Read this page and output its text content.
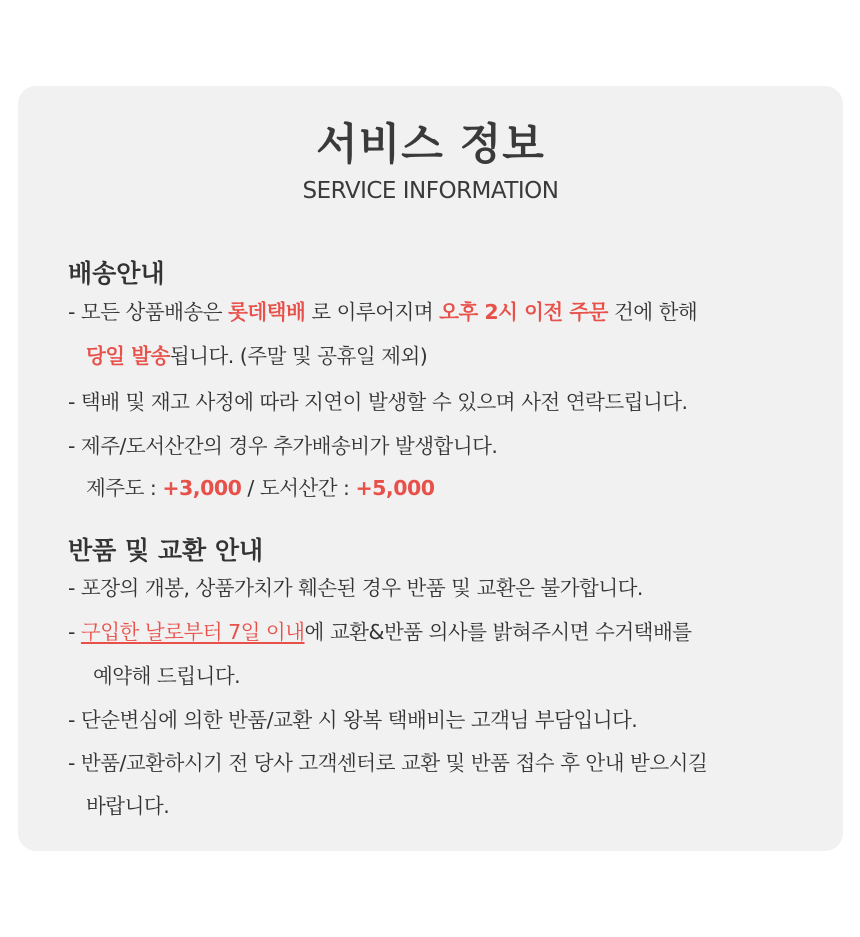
서비스 정보
SERVICE INFORMATION
배송안내
- 모든 상품배송은 롯데택배 로 이루어지며 오후 2시 이전 주문 건에 한해
당일 발송됩니다. (주말 및 공휴일 제외)
- 택배 및 재고 사정에 따라 지연이 발생할 수 있으며 사전 연락드립니다.
- 제주/도서산간의 경우 추가배송비가 발생합니다.
제주도 : +3,000 / 도서산간 : +5,000
반품 및 교환 안내
- 포장의 개봉, 상품가치가 훼손된 경우 반품 및 교환은 불가합니다.
- 구입한 날로부터 7일 이내에 교환&반품 의사를 밝혀주시면 수거택배를
예약해 드립니다.
- 단순변심에 의한 반품/교환 시 왕복 택배비는 고객님 부담입니다.
- 반품/교환하시기 전 당사 고객센터로 교환 및 반품 접수 후 안내 받으시길
바랍니다.
